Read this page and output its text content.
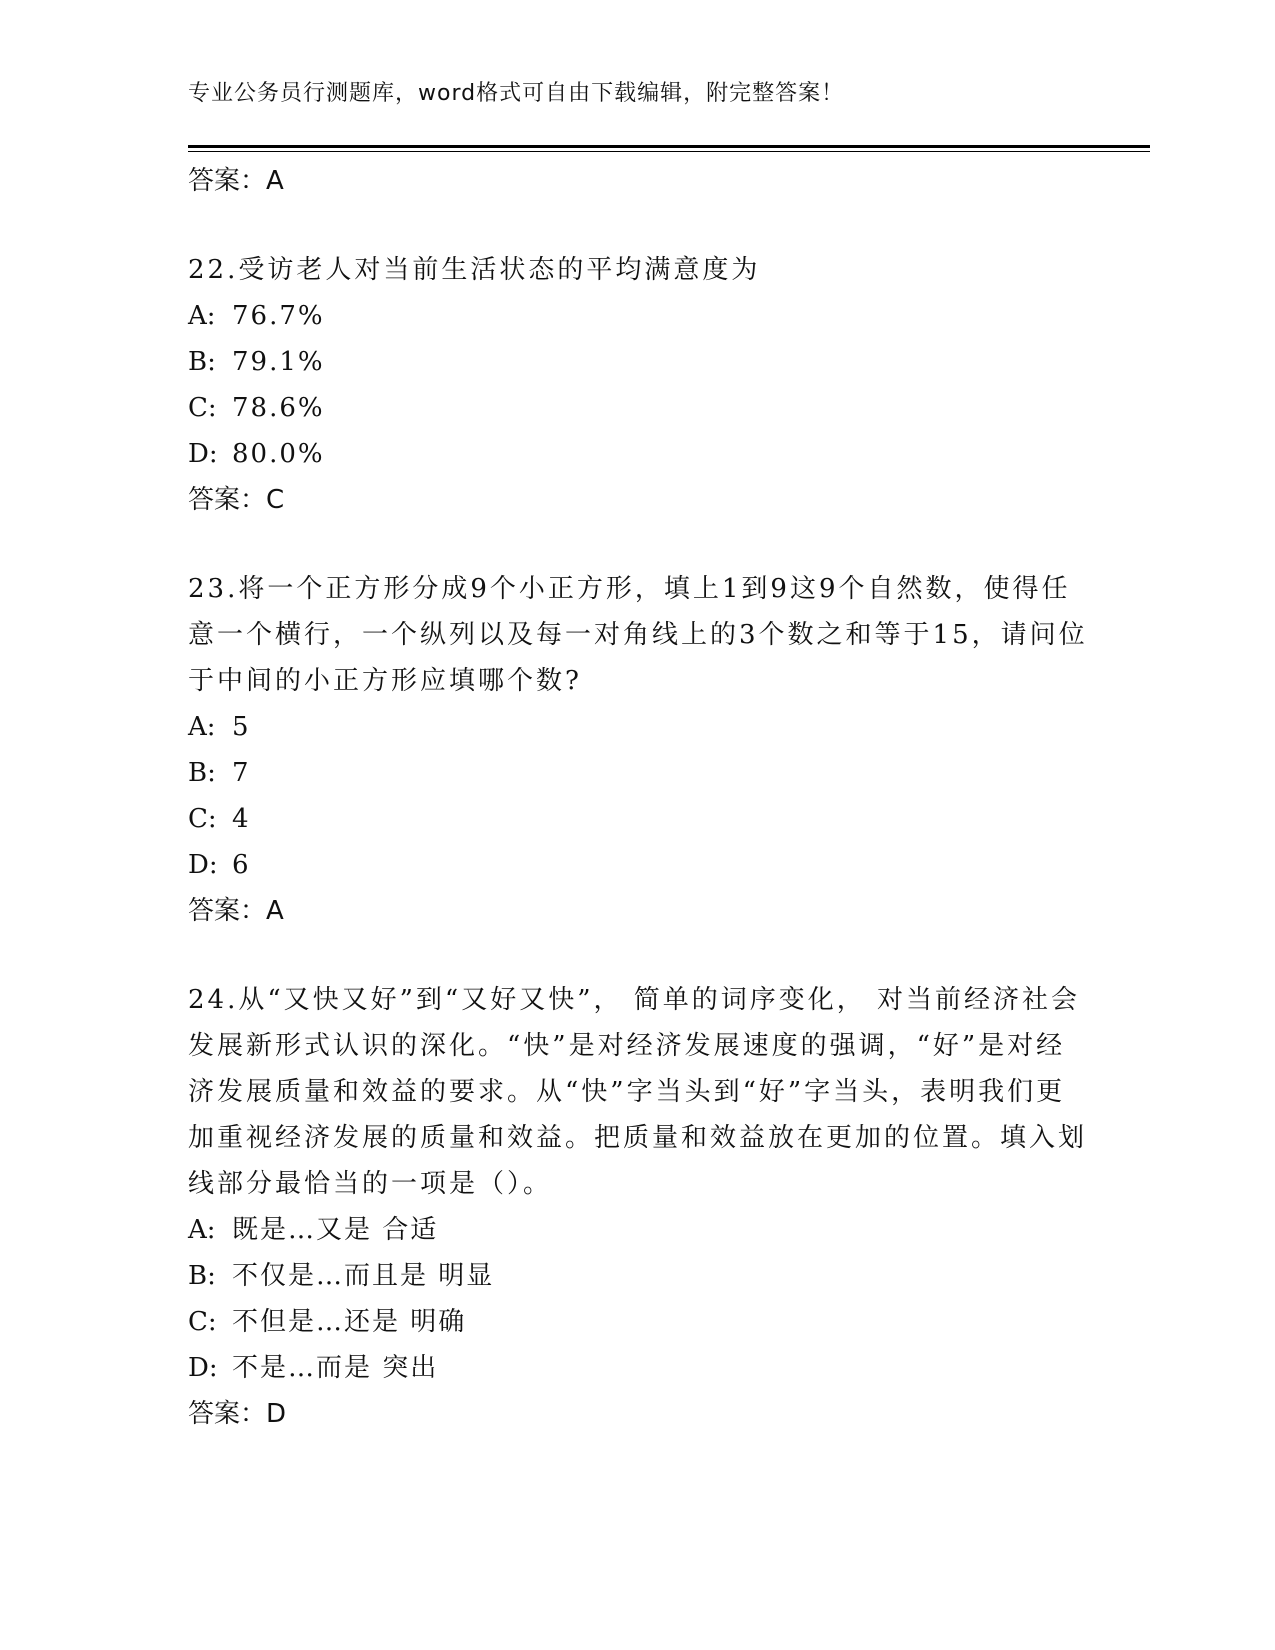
专业公务员行测题库，word格式可自由下载编辑，附完整答案！
答案：A
22.受访老人对当前生活状态的平均满意度为
A: 76.7%
B: 79.1%
C: 78.6%
D: 80.0%
答案：C
23.将一个正方形分成9个小正方形，填上1到9这9个自然数，使得任意一个横行，一个纵列以及每一对角线上的3个数之和等于15，请问位于中间的小正方形应填哪个数?
A: 5
B: 7
C: 4
D: 6
答案：A
24.从“又快又好”到“又好又快”， 简单的词序变化， 对当前经济社会发展新形式认识的深化。“快”是对经济发展速度的强调，“好”是对经济发展质量和效益的要求。从“快”字当头到“好”字当头，表明我们更加重视经济发展的质量和效益。把质量和效益放在更加的位置。填入划线部分最恰当的一项是（）。
A: 既是…又是 合适
B: 不仅是…而且是 明显
C: 不但是…还是 明确
D: 不是…而是 突出
答案：D
